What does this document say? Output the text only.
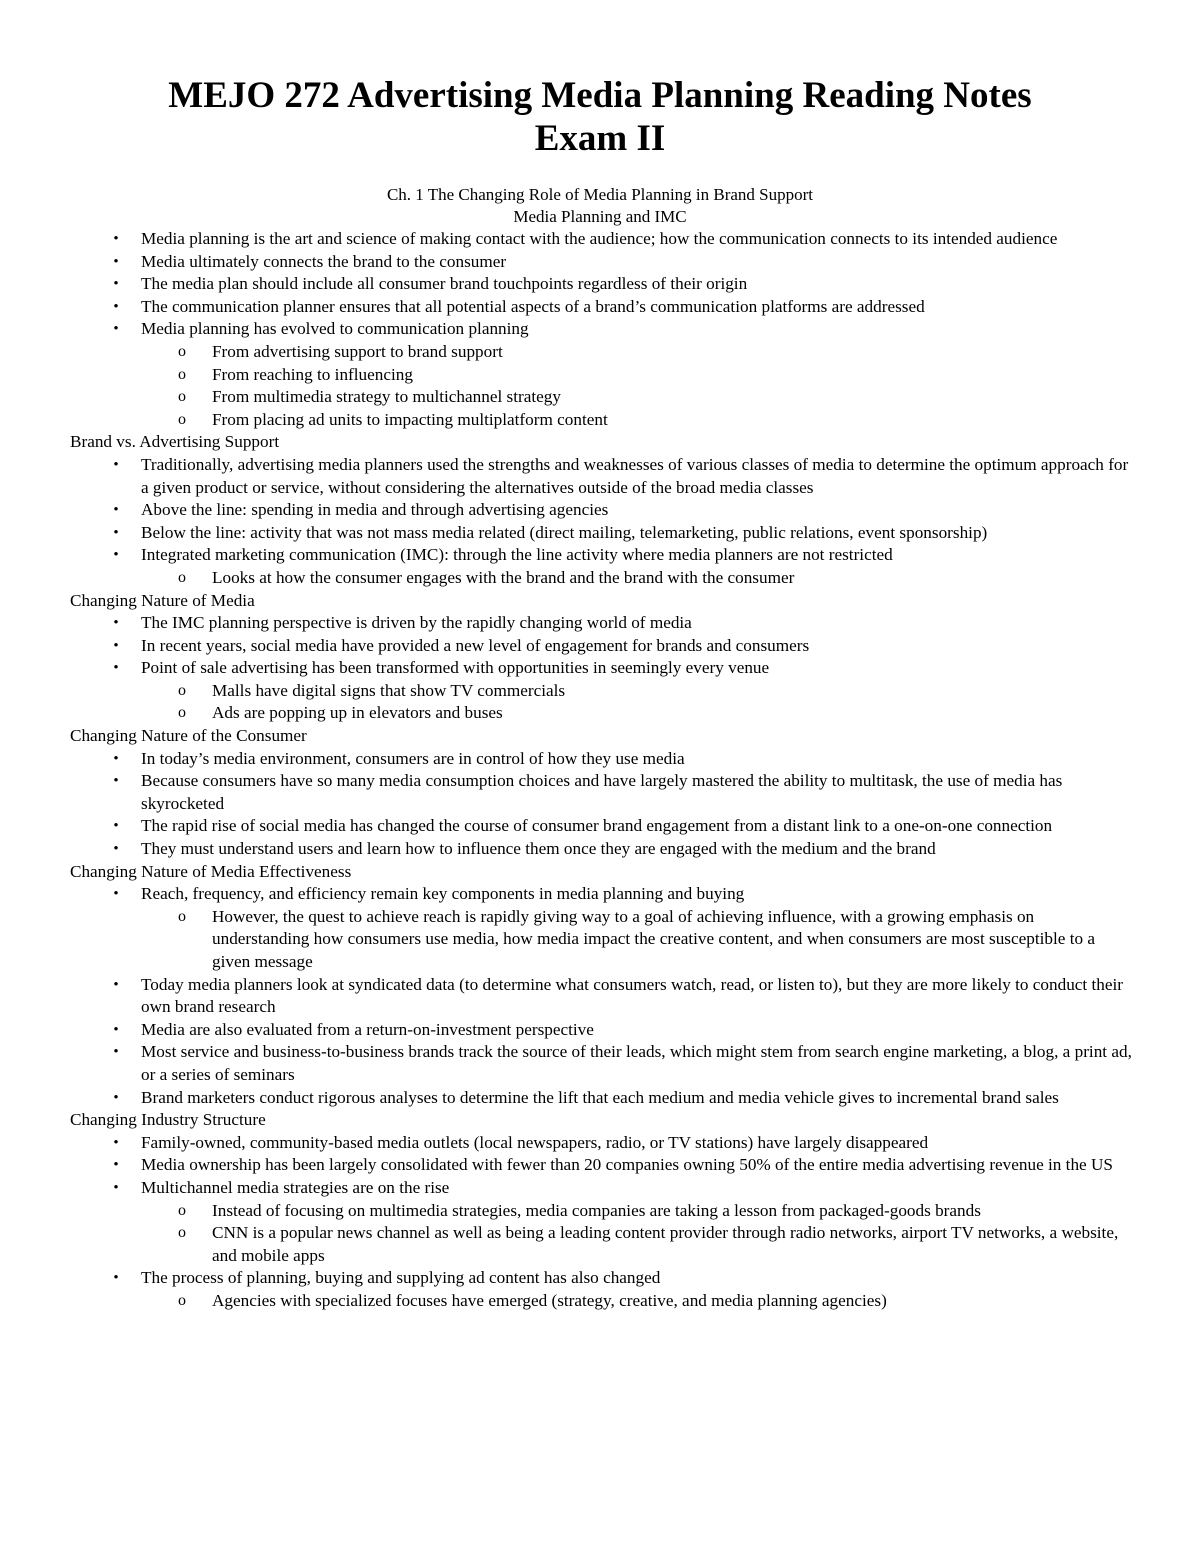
MEJO 272 Advertising Media Planning Reading Notes
Exam II
Ch. 1 The Changing Role of Media Planning in Brand Support
Media Planning and IMC
• Media planning is the art and science of making contact with the audience; how the communication connects to its intended audience
• Media ultimately connects the brand to the consumer
• The media plan should include all consumer brand touchpoints regardless of their origin
• The communication planner ensures that all potential aspects of a brand’s communication platforms are addressed
• Media planning has evolved to communication planning
o From advertising support to brand support
o From reaching to influencing
o From multimedia strategy to multichannel strategy
o From placing ad units to impacting multiplatform content
Brand vs. Advertising Support
• Traditionally, advertising media planners used the strengths and weaknesses of various classes of media to determine the optimum approach for a given product or service, without considering the alternatives outside of the broad media classes
• Above the line: spending in media and through advertising agencies
• Below the line: activity that was not mass media related (direct mailing, telemarketing, public relations, event sponsorship)
• Integrated marketing communication (IMC): through the line activity where media planners are not restricted
o Looks at how the consumer engages with the brand and the brand with the consumer
Changing Nature of Media
• The IMC planning perspective is driven by the rapidly changing world of media
• In recent years, social media have provided a new level of engagement for brands and consumers
• Point of sale advertising has been transformed with opportunities in seemingly every venue
o Malls have digital signs that show TV commercials
o Ads are popping up in elevators and buses
Changing Nature of the Consumer
• In today’s media environment, consumers are in control of how they use media
• Because consumers have so many media consumption choices and have largely mastered the ability to multitask, the use of media has skyrocketed
• The rapid rise of social media has changed the course of consumer brand engagement from a distant link to a one-on-one connection
• They must understand users and learn how to influence them once they are engaged with the medium and the brand
Changing Nature of Media Effectiveness
• Reach, frequency, and efficiency remain key components in media planning and buying
o However, the quest to achieve reach is rapidly giving way to a goal of achieving influence, with a growing emphasis on understanding how consumers use media, how media impact the creative content, and when consumers are most susceptible to a given message
• Today media planners look at syndicated data (to determine what consumers watch, read, or listen to), but they are more likely to conduct their own brand research
• Media are also evaluated from a return-on-investment perspective
• Most service and business-to-business brands track the source of their leads, which might stem from search engine marketing, a blog, a print ad, or a series of seminars
• Brand marketers conduct rigorous analyses to determine the lift that each medium and media vehicle gives to incremental brand sales
Changing Industry Structure
• Family-owned, community-based media outlets (local newspapers, radio, or TV stations) have largely disappeared
• Media ownership has been largely consolidated with fewer than 20 companies owning 50% of the entire media advertising revenue in the US
• Multichannel media strategies are on the rise
o Instead of focusing on multimedia strategies, media companies are taking a lesson from packaged-goods brands
o CNN is a popular news channel as well as being a leading content provider through radio networks, airport TV networks, a website, and mobile apps
• The process of planning, buying and supplying ad content has also changed
o Agencies with specialized focuses have emerged (strategy, creative, and media planning agencies)
